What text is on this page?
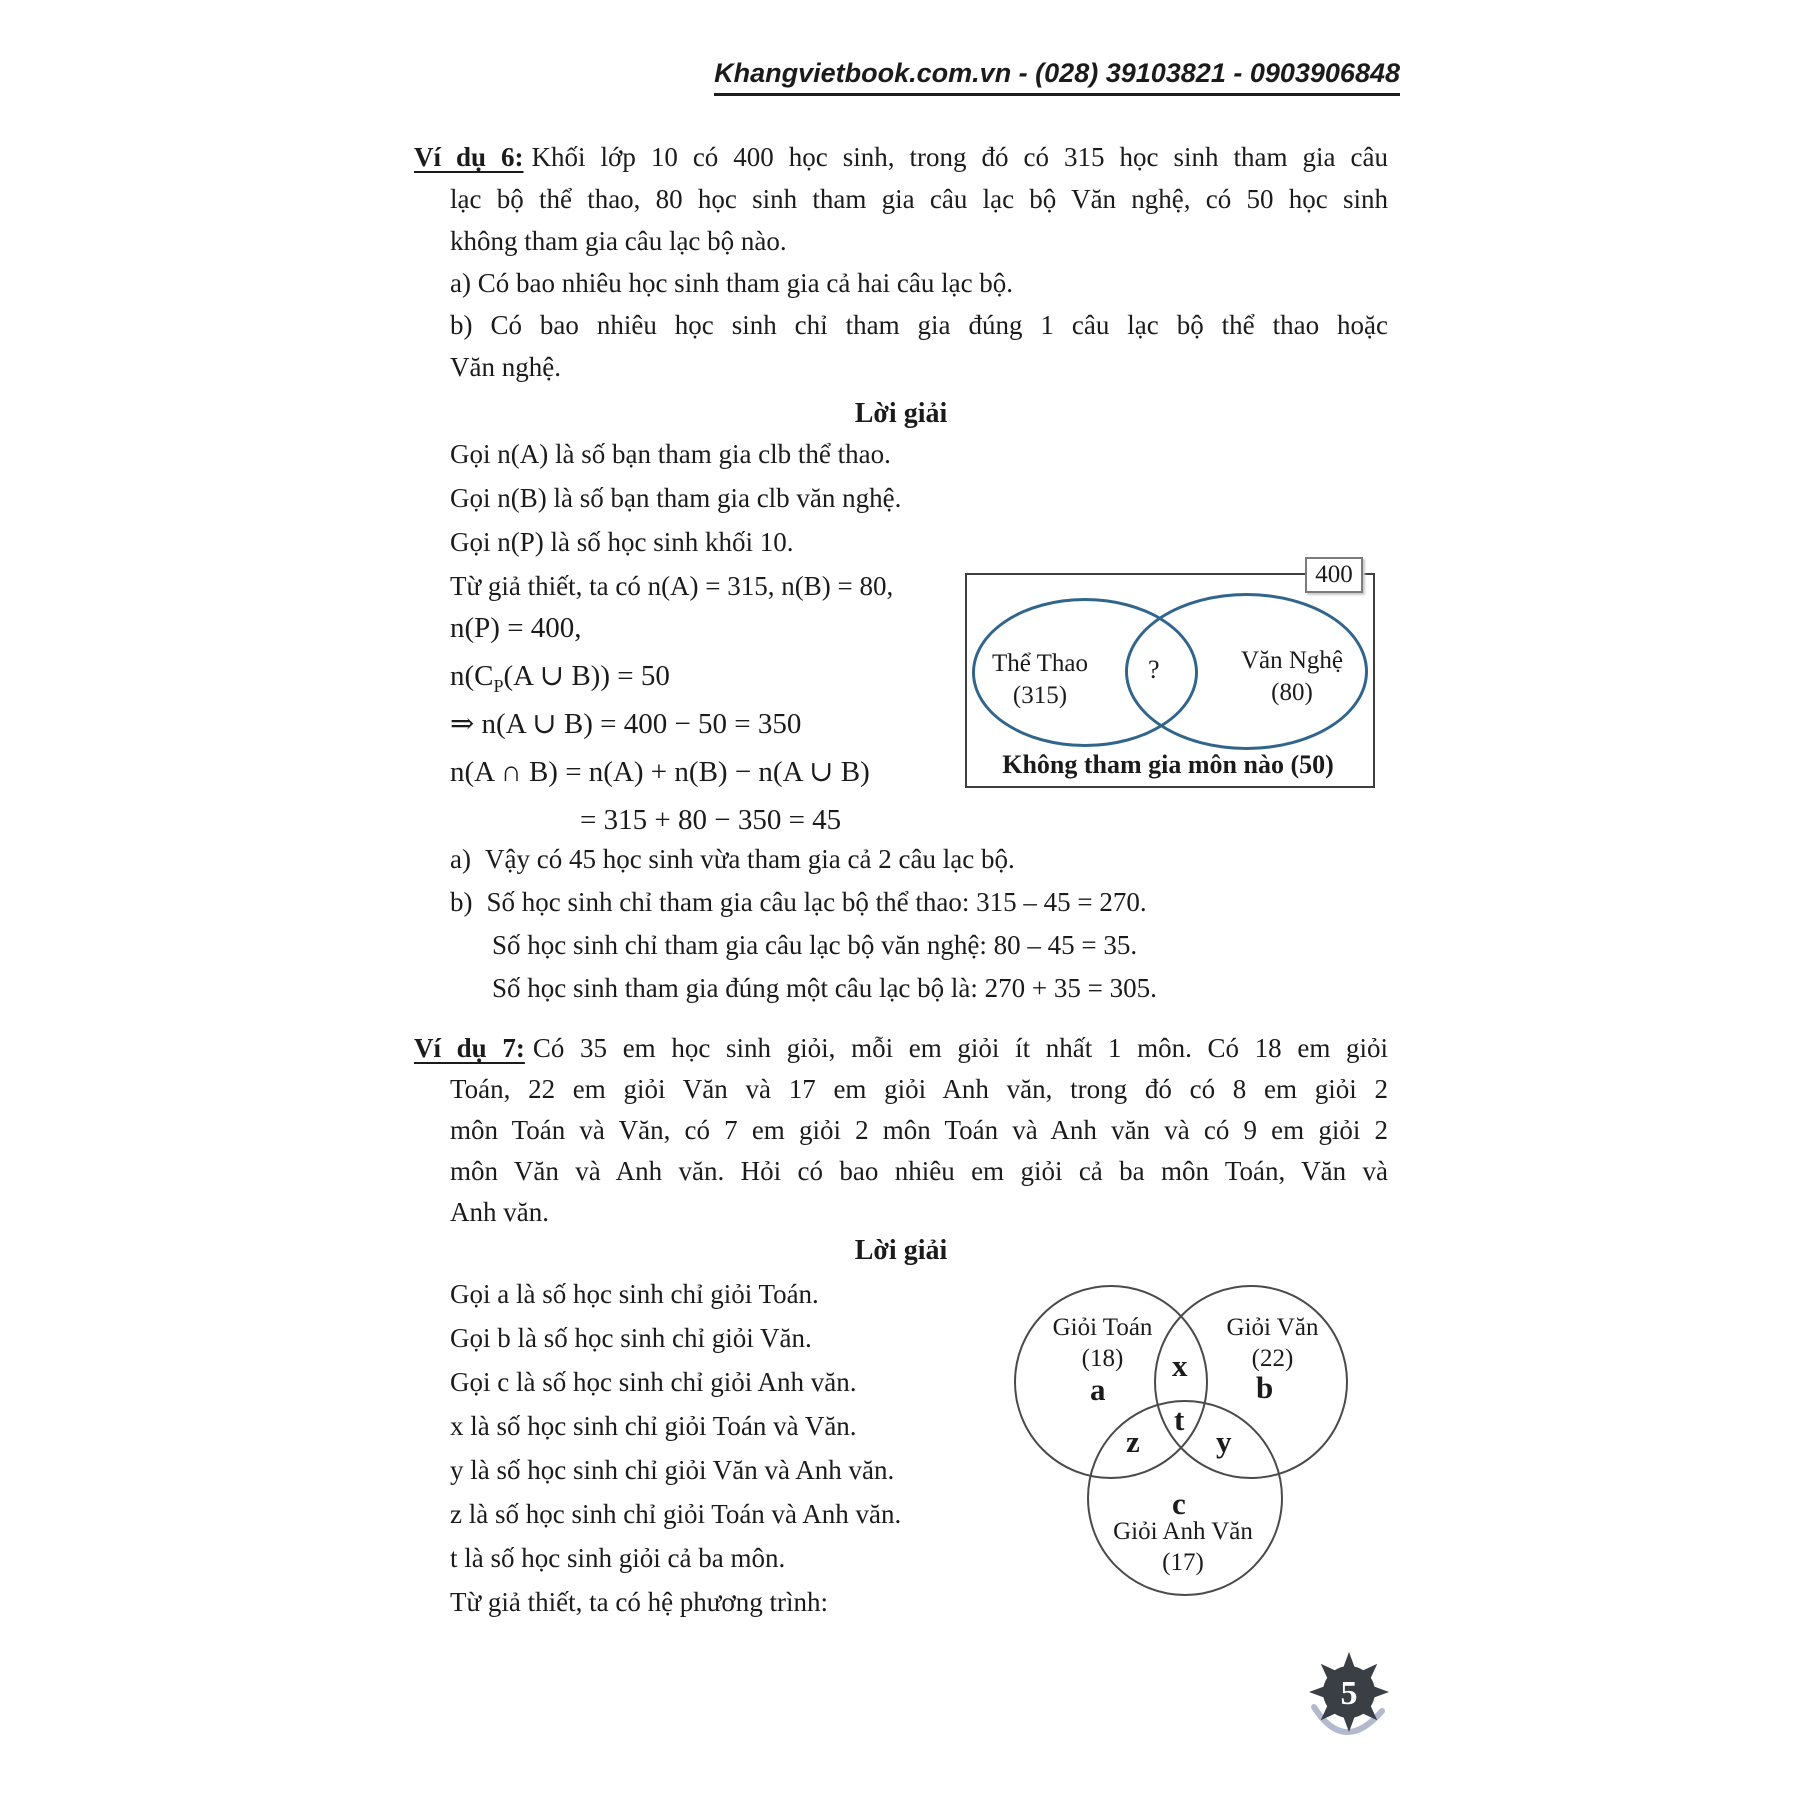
Khangvietbook.com.vn - (028) 39103821 - 0903906848
Ví dụ 6: Khối lớp 10 có 400 học sinh, trong đó có 315 học sinh tham gia câu
lạc bộ thể thao, 80 học sinh tham gia câu lạc bộ Văn nghệ, có 50 học sinh
không tham gia câu lạc bộ nào.
a) Có bao nhiêu học sinh tham gia cả hai câu lạc bộ.
b) Có bao nhiêu học sinh chỉ tham gia đúng 1 câu lạc bộ thể thao hoặc
Văn nghệ.
Lời giải
Gọi n(A) là số bạn tham gia clb thể thao.
Gọi n(B) là số bạn tham gia clb văn nghệ.
Gọi n(P) là số học sinh khối 10.
Từ giả thiết, ta có n(A) = 315, n(B) = 80,
n(P) = 400,
$n(C_P(A$ ∪ B)) = 50
⇒ n(A ∪ B) = 400 − 50 = 350
n(A ∩ B) = n(A) + n(B) − n(A ∪ B)
= 315 + 80 − 350 = 45
400
Thể Thao
(315)
Văn Nghệ
(80)
?
Không tham gia môn nào (50)
a) Vậy có 45 học sinh vừa tham gia cả 2 câu lạc bộ.
b) Số học sinh chỉ tham gia câu lạc bộ thể thao: 315 – 45 = 270.
Số học sinh chỉ tham gia câu lạc bộ văn nghệ: 80 – 45 = 35.
Số học sinh tham gia đúng một câu lạc bộ là: 270 + 35 = 305.
Ví dụ 7: Có 35 em học sinh giỏi, mỗi em giỏi ít nhất 1 môn. Có 18 em giỏi
Toán, 22 em giỏi Văn và 17 em giỏi Anh văn, trong đó có 8 em giỏi 2
môn Toán và Văn, có 7 em giỏi 2 môn Toán và Anh văn và có 9 em giỏi 2
môn Văn và Anh văn. Hỏi có bao nhiêu em giỏi cả ba môn Toán, Văn và
Anh văn.
Lời giải
Gọi a là số học sinh chỉ giỏi Toán.
Gọi b là số học sinh chỉ giỏi Văn.
Gọi c là số học sinh chỉ giỏi Anh văn.
x là số học sinh chỉ giỏi Toán và Văn.
y là số học sinh chỉ giỏi Văn và Anh văn.
z là số học sinh chỉ giỏi Toán và Anh văn.
t là số học sinh giỏi cả ba môn.
Từ giả thiết, ta có hệ phương trình:
Giỏi Toán
(18)
Giỏi Văn
(22)
Giỏi Anh Văn
(17)
a	b
x
t
z y
c
5
